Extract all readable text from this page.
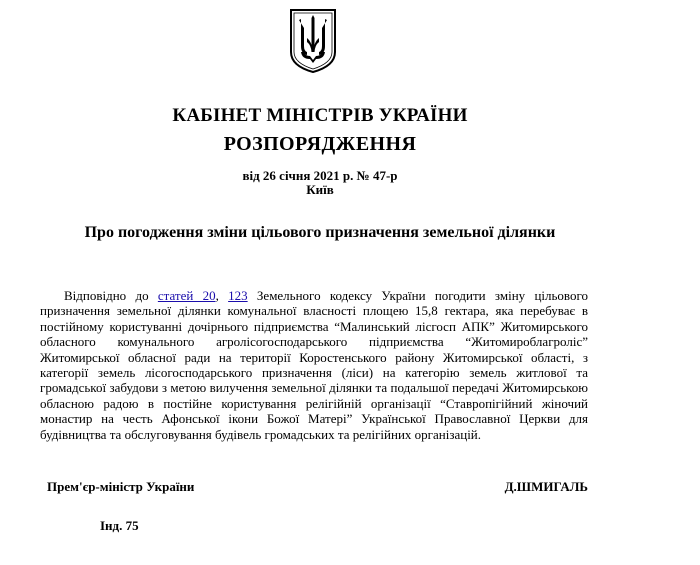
КАБІНЕТ МІНІСТРІВ УКРАЇНИ
РОЗПОРЯДЖЕННЯ
від 26 січня 2021 р. № 47-р
Київ
Про погодження зміни цільового призначення земельної ділянки

Відповідно до статей 20, 123 Земельного кодексу України погодити зміну цільового призначення земельної ділянки комунальної власності площею 15,8 гектара, яка перебуває в постійному користуванні дочірнього підприємства “Малинський лісгосп АПК” Житомирського обласного комунального агролісогосподарського підприємства “Житомироблагроліс” Житомирської обласної ради на території Коростенського району Житомирської області, з категорії земель лісогосподарського призначення (ліси) на категорію земель житлової та громадської забудови з метою вилучення земельної ділянки та подальшої передачі Житомирською обласною радою в постійне користування релігійній організації “Ставропігійний жіночий монастир на честь Афонської ікони Божої Матері” Української Православної Церкви для будівництва та обслуговування будівель громадських та релігійних організацій.

Прем'єр-міністр України	Д.ШМИГАЛЬ
Інд. 75
